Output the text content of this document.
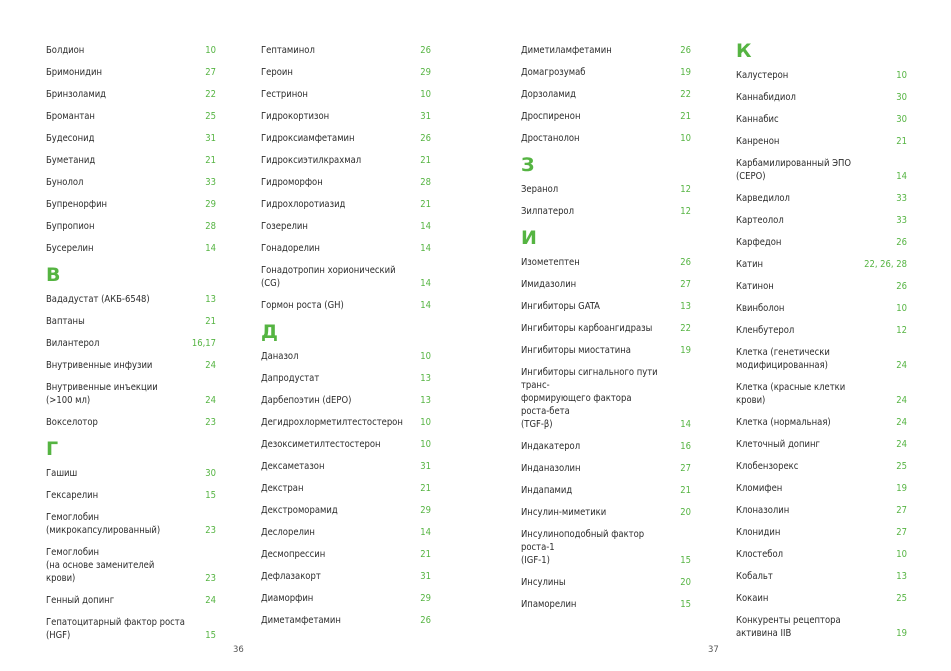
Болдион	10
Бримонидин	27
Бринзоламид	22
Бромантан	25
Будесонид	31
Буметанид	21
Бунолол	33
Бупренорфин	29
Бупропион	28
Бусерелин	14
В
Вададустат (АКБ-6548)	13
Вaптаны	21
Вилантерол	16,17
Внутривенные инфузии	24
Внутривенные инъекции (>100 мл)	24
Вокселотор	23
Г
Гашиш	30
Гексарелин	15
Гемоглобин
(микрокапсулированный)	23
Гемоглобин
(на основе заменителей крови)	23
Генный допинг	24
Гепатоцитарный фактор роста (HGF)	15
Гептаминол	26
Героин	29
Гестринон	10
Гидрокортизон	31
Гидроксиамфетамин	26
Гидроксиэтилкрахмал	21
Гидроморфон	28
Гидрохлоротиазид	21
Гозерелин	14
Гонадорелин	14
Гонадотропин хорионический (CG)	14
Гормон роста (GH)	14
Д
Даназол	10
Дапродустат	13
Дарбепоэтин (dEPO)	13
Дегидрохлорметилтестостерон 10
Дезоксиметилтестостерон	10
Дексаметазон	31
Декстран	21
Декстроморамид	29
Деслорелин	14
Десмопрессин	21
Дефлазакорт	31
Диаморфин	29
Диметамфетамин	26
Диметиламфетамин	26
Домагрозумаб	19
Дорзоламид	22
Дроспиренон	21
Дростанолон	10
З
Зеранол	12
Зилпатерол	12
И
Изометептен	26
Имидазолин	27
Ингибиторы GATA	13
Ингибиторы карбоангидразы	22
Ингибиторы миостатина	19
Ингибиторы сигнального пути транс-
формирующего фактора роста-бета
(TGF-β)	14
Индакатерол	16
Инданазолин	27
Индапамид	21
Инсулин-миметики	20
Инсулиноподобный фактор роста-1
(IGF-1)	15
Инсулины	20
Ипаморелин	15
К
Калустерон	10
Каннабидиол	30
Каннабис	30
Канренон	21
Карбамилированный ЭПО (CEPO)	14
Карведилол	33
Картеолол	33
Карфедон	26
Катин	22, 26, 28
Катинон	26
Квинболон	10
Кленбутерол	12
Клетка (генетически
модифицированная)	24
Клетка (красные клетки крови)	24
Клетка (нормальная)	24
Клеточный допинг	24
Клобензорекс	25
Кломифен	19
Клоназолин	27
Клонидин	27
Клостебол	10
Кобальт	13
Кокаин	25
Конкуренты рецептора
активина IIB	19
36	37
